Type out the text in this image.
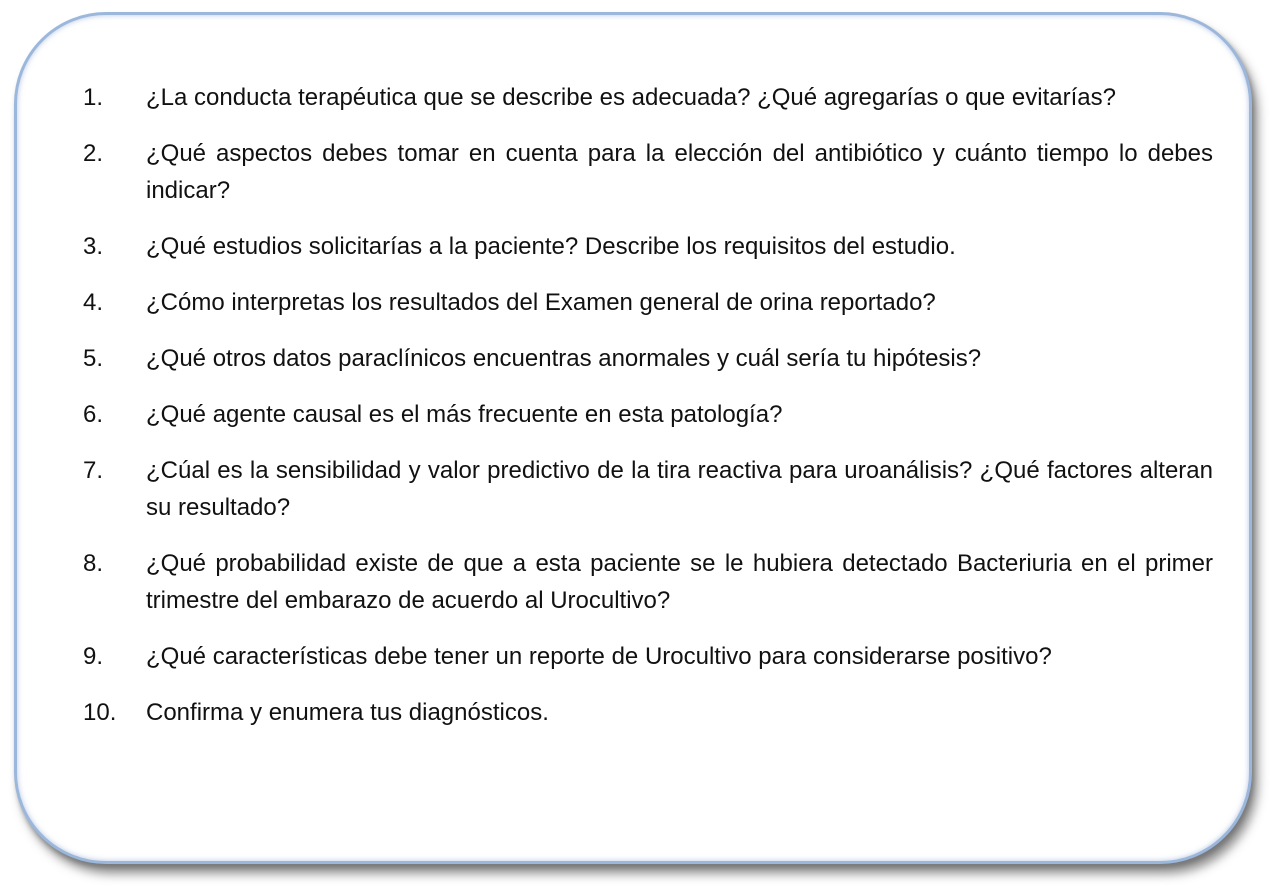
1.	¿La conducta terapéutica que se describe es adecuada? ¿Qué agregarías o que evitarías?
2.	¿Qué aspectos debes tomar en cuenta para la elección del antibiótico y cuánto tiempo lo debes indicar?
3.	¿Qué estudios solicitarías a la paciente? Describe los requisitos del estudio.
4.	¿Cómo interpretas los resultados del Examen general de orina reportado?
5.	¿Qué otros datos paraclínicos encuentras anormales y cuál sería tu hipótesis?
6.	¿Qué agente causal es el más frecuente en esta patología?
7.	¿Cúal es la sensibilidad y valor predictivo de la tira reactiva para uroanálisis? ¿Qué factores alteran su resultado?
8.	¿Qué probabilidad existe de que a esta paciente se le hubiera detectado Bacteriuria en el primer trimestre del embarazo de acuerdo al Urocultivo?
9.	¿Qué características debe tener un reporte de Urocultivo para considerarse positivo?
10.	Confirma y enumera tus diagnósticos.
